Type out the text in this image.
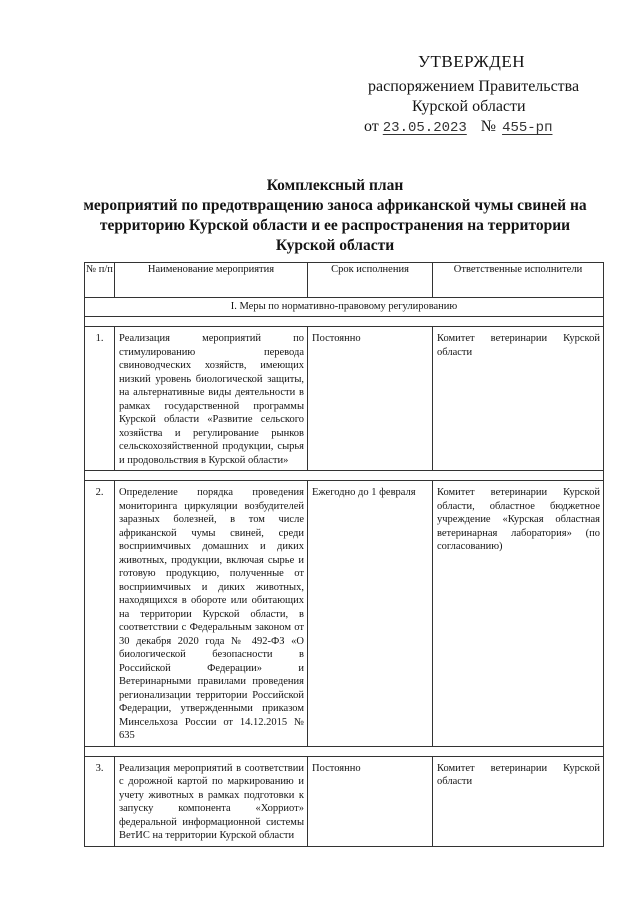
УТВЕРЖДЕН
распоряжением Правительства
Курской области
от 23.05.2023 № 455-рп
Комплексный план
мероприятий по предотвращению заноса африканской чумы свиней на территорию Курской области и ее распространения на территории Курской области
№ п/п	Наименование мероприятия	Срок исполнения	Ответственные исполнители
I. Меры по нормативно-правовому регулированию			

1.	Реализация мероприятий по стимулированию перевода свиноводческих хозяйств, имеющих низкий уровень биологической защиты, на альтернативные виды деятельности в рамках государственной программы Курской области «Развитие сельского хозяйства и регулирование рынков сельскохозяйственной продукции, сырья и продовольствия в Курской области»	Постоянно	Комитет ветеринарии Курской области

2.	Определение порядка проведения мониторинга циркуляции возбудителей заразных болезней, в том числе африканской чумы свиней, среди восприимчивых домашних и диких животных, продукции, включая сырье и готовую продукцию, полученные от восприимчивых и диких животных, находящихся в обороте или обитающих на территории Курской области, в соответствии с Федеральным законом от 30 декабря 2020 года № 492-ФЗ «О биологической безопасности в Российской Федерации» и Ветеринарными правилами проведения регионализации территории Российской Федерации, утвержденными приказом Минсельхоза России от 14.12.2015 № 635	Ежегодно до 1 февраля	Комитет ветеринарии Курской области, областное бюджетное учреждение «Курская областная ветеринарная лаборатория» (по согласованию)

3.	Реализация мероприятий в соответствии с дорожной картой по маркированию и учету животных в рамках подготовки к запуску компонента «Хорриот» федеральной информационной системы ВетИС на территории Курской области	Постоянно	Комитет ветеринарии Курской области
